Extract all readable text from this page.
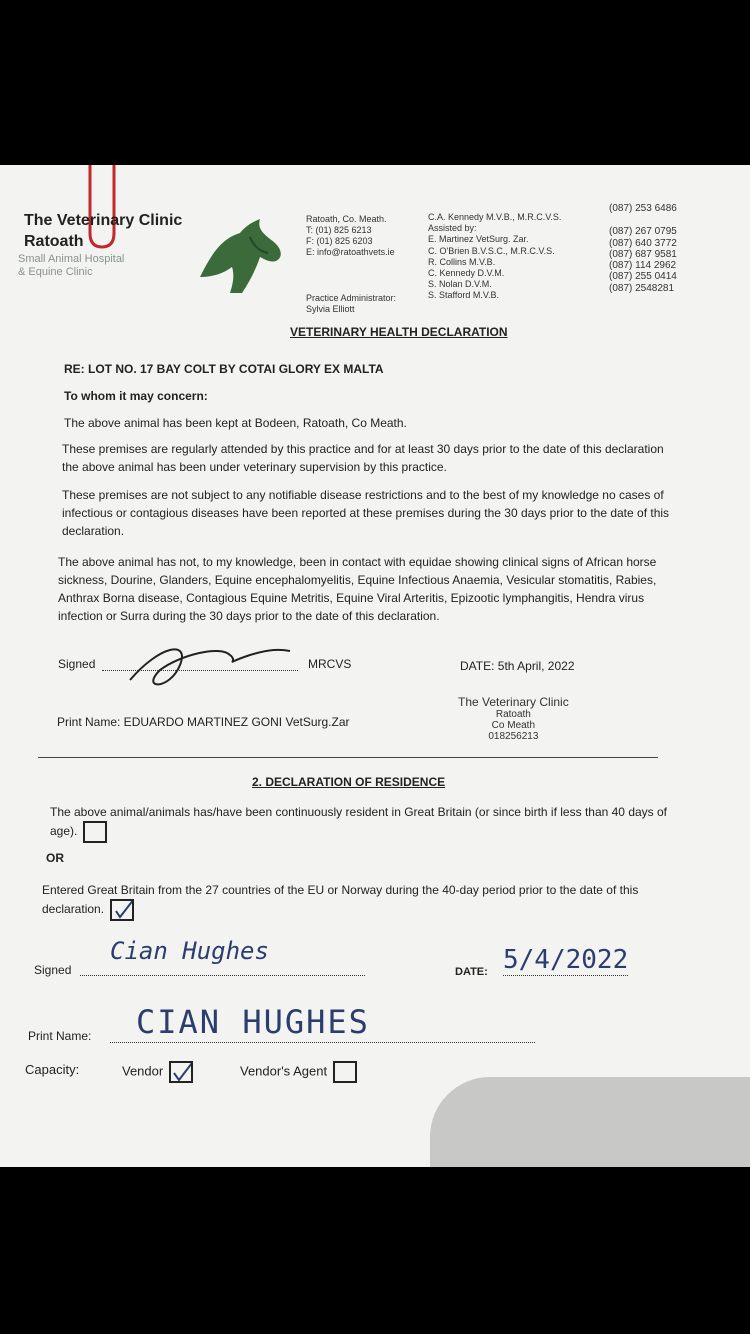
The Veterinary Clinic
Ratoath
Small Animal Hospital
& Equine Clinic
Ratoath, Co. Meath.
T: (01) 825 6213
F: (01) 825 6203
E: info@ratoathvets.ie
Practice Administrator:
Sylvia Elliott
C.A. Kennedy M.V.B., M.R.C.V.S.
Assisted by:
E. Martinez VetSurg. Zar.
C. O'Brien B.V.S.C., M.R.C.V.S.
R. Collins M.V.B.
C. Kennedy D.V.M.
S. Nolan D.V.M.
S. Stafford M.V.B.
(087) 253 6486
(087) 267 0795
(087) 640 3772
(087) 687 9581
(087) 114 2962
(087) 255 0414
(087) 2548281
VETERINARY HEALTH DECLARATION
RE: LOT NO. 17 BAY COLT BY COTAI GLORY EX MALTA
To whom it may concern:
The above animal has been kept at Bodeen, Ratoath, Co Meath.
These premises are regularly attended by this practice and for at least 30 days prior to the date of this declaration the above animal has been under veterinary supervision by this practice.
These premises are not subject to any notifiable disease restrictions and to the best of my knowledge no cases of infectious or contagious diseases have been reported at these premises during the 30 days prior to the date of this declaration.
The above animal has not, to my knowledge, been in contact with equidae showing clinical signs of African horse sickness, Dourine, Glanders, Equine encephalomyelitis, Equine Infectious Anaemia, Vesicular stomatitis, Rabies, Anthrax Borna disease, Contagious Equine Metritis, Equine Viral Arteritis, Epizootic lymphangitis, Hendra virus infection or Surra during the 30 days prior to the date of this declaration.
Signed	MRCVS	DATE: 5th April, 2022
Print Name: EDUARDO MARTINEZ GONI VetSurg.Zar
The Veterinary Clinic
Ratoath
Co Meath
018256213
2. DECLARATION OF RESIDENCE
The above animal/animals has/have been continuously resident in Great Britain (or since birth if less than 40 days of age).
OR
Entered Great Britain from the 27 countries of the EU or Norway during the 40-day period prior to the date of this declaration.
Signed
Cian Hughes
DATE: 5/4/2022
Print Name: CIAN HUGHES
Capacity:	Vendor	Vendor's Agent
